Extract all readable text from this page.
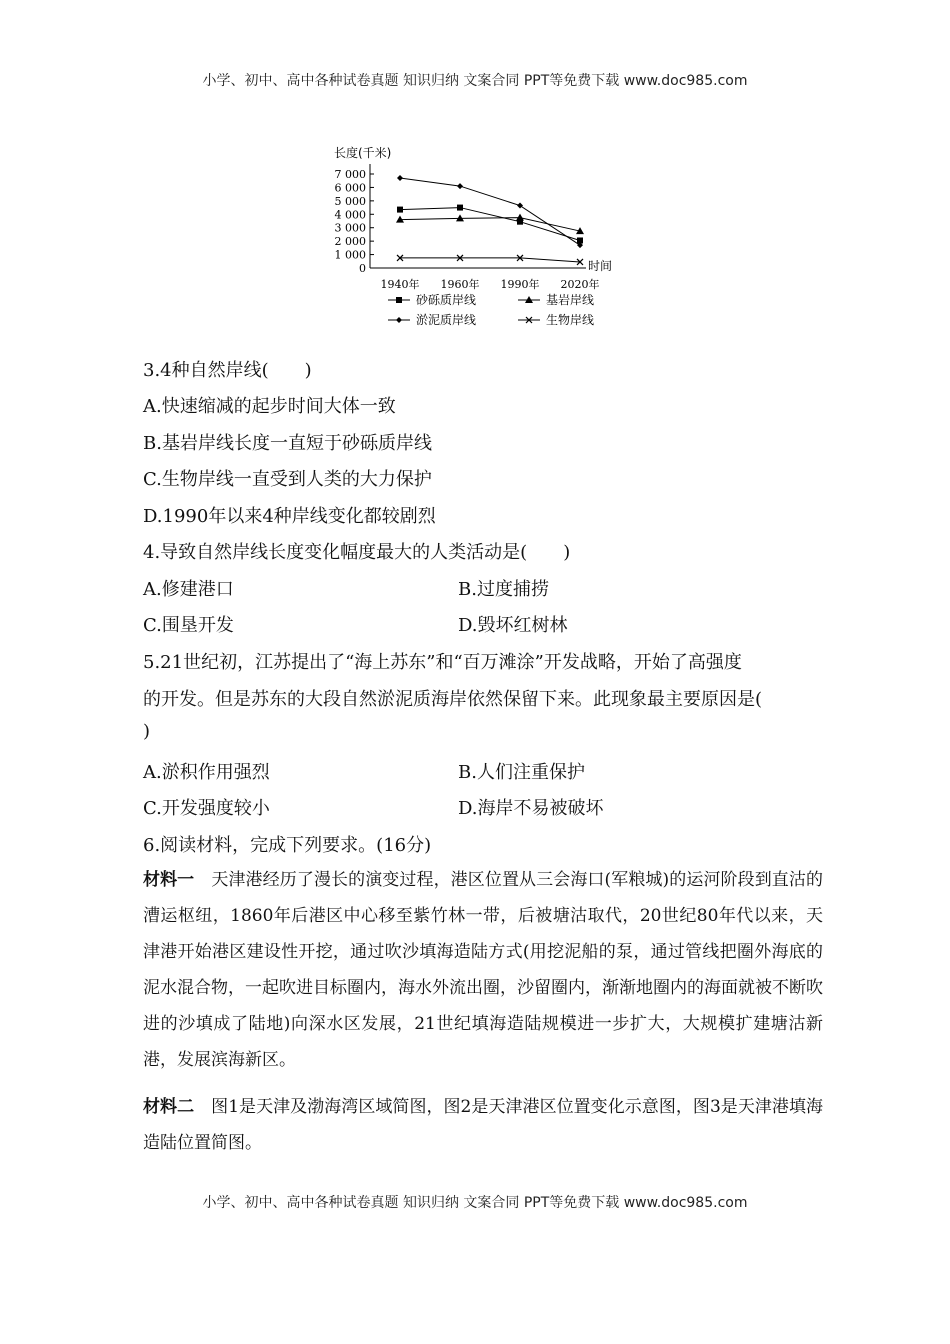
小学、初中、高中各种试卷真题 知识归纳 文案合同 PPT等免费下载 www.doc985.com
长度(千米)
时间
0
1 000
2 000
3 000
4 000
5 000
6 000
7 000
1940年 1960年 1990年 2020年
砂砾质岸线	基岩岸线
淤泥质岸线	生物岸线
3.4种自然岸线(　　)
A.快速缩减的起步时间大体一致
B.基岩岸线长度一直短于砂砾质岸线
C.生物岸线一直受到人类的大力保护
D.1990年以来4种岸线变化都较剧烈
4.导致自然岸线长度变化幅度最大的人类活动是(　　)
A.修建港口	B.过度捕捞
C.围垦开发	D.毁坏红树林
5.21世纪初，江苏提出了“海上苏东”和“百万滩涂”开发战略，开始了高强度
的开发。但是苏东的大段自然淤泥质海岸依然保留下来。此现象最主要原因是(
)
A.淤积作用强烈	B.人们注重保护
C.开发强度较小	D.海岸不易被破坏
6.阅读材料，完成下列要求。(16分)
材料一　天津港经历了漫长的演变过程，港区位置从三会海口(军粮城)的运河阶段到直沽的漕运枢纽，1860年后港区中心移至紫竹林一带，后被塘沽取代，20世纪80年代以来，天津港开始港区建设性开挖，通过吹沙填海造陆方式(用挖泥船的泵，通过管线把圈外海底的泥水混合物，一起吹进目标圈内，海水外流出圈，沙留圈内，渐渐地圈内的海面就被不断吹进的沙填成了陆地)向深水区发展，21世纪填海造陆规模进一步扩大，大规模扩建塘沽新港，发展滨海新区。
材料二　图1是天津及渤海湾区域简图，图2是天津港区位置变化示意图，图3是天津港填海造陆位置简图。
小学、初中、高中各种试卷真题 知识归纳 文案合同 PPT等免费下载 www.doc985.com
